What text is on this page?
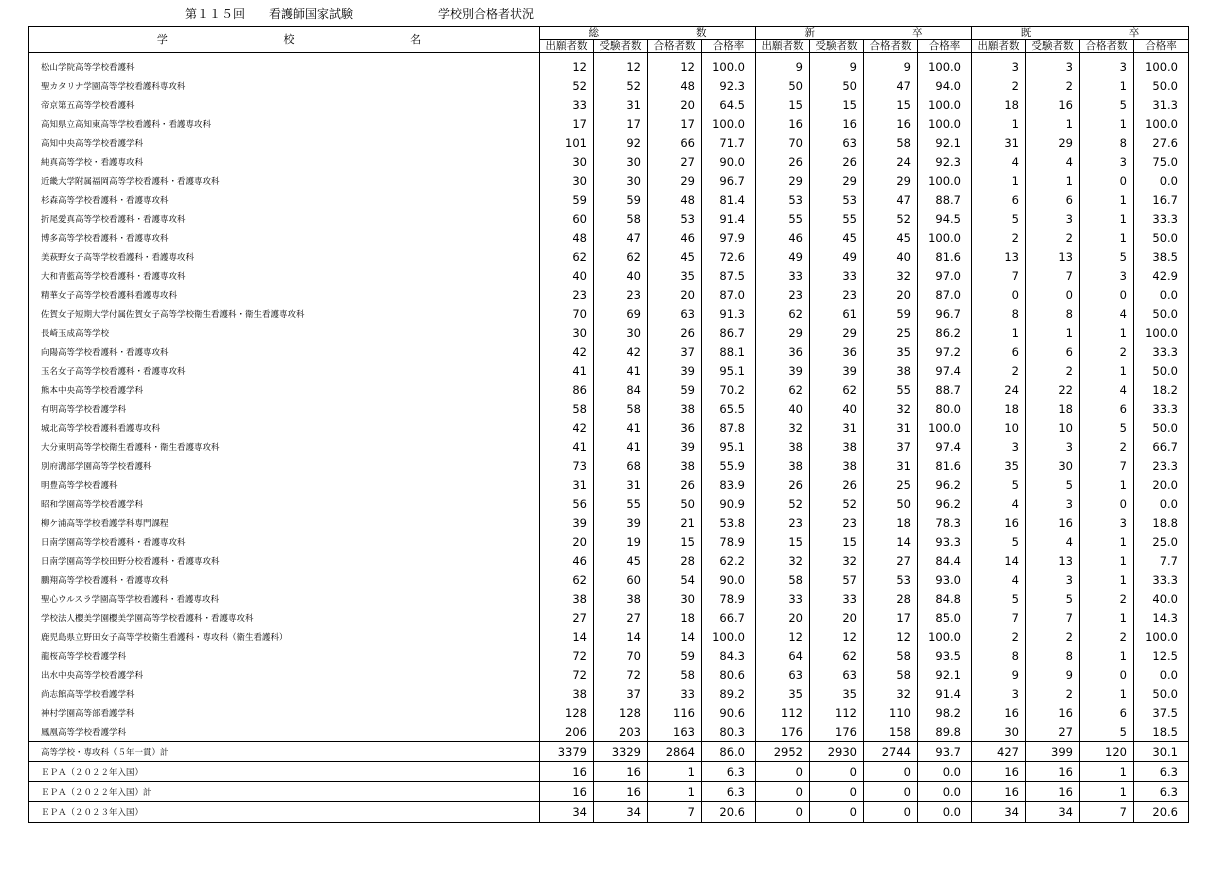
第１１５回　　看護師国家試験	学校別合格者状況
学 校 名	総 数				新 卒				既 卒			

	出願者数	受験者数	合格者数	合格率	出願者数	受験者数	合格者数	合格率	出願者数	受験者数	合格者数	合格率
松山学院高等学校看護科	12	12	12	100.0	9	9	9	100.0	3	3	3	100.0
聖カタリナ学園高等学校看護科専攻科	52	52	48	92.3	50	50	47	94.0	2	2	1	50.0
帝京第五高等学校看護科	33	31	20	64.5	15	15	15	100.0	18	16	5	31.3
高知県立高知東高等学校看護科・看護専攻科	17	17	17	100.0	16	16	16	100.0	1	1	1	100.0
高知中央高等学校看護学科	101	92	66	71.7	70	63	58	92.1	31	29	8	27.6
純真高等学校・看護専攻科	30	30	27	90.0	26	26	24	92.3	4	4	3	75.0
近畿大学附属福岡高等学校看護科・看護専攻科	30	30	29	96.7	29	29	29	100.0	1	1	0	0.0
杉森高等学校看護科・看護専攻科	59	59	48	81.4	53	53	47	88.7	6	6	1	16.7
折尾愛真高等学校看護科・看護専攻科	60	58	53	91.4	55	55	52	94.5	5	3	1	33.3
博多高等学校看護科・看護専攻科	48	47	46	97.9	46	45	45	100.0	2	2	1	50.0
美萩野女子高等学校看護科・看護専攻科	62	62	45	72.6	49	49	40	81.6	13	13	5	38.5
大和青藍高等学校看護科・看護専攻科	40	40	35	87.5	33	33	32	97.0	7	7	3	42.9
精華女子高等学校看護科看護専攻科	23	23	20	87.0	23	23	20	87.0	0	0	0	0.0
佐賀女子短期大学付属佐賀女子高等学校衛生看護科・衛生看護専攻科	70	69	63	91.3	62	61	59	96.7	8	8	4	50.0
長崎玉成高等学校	30	30	26	86.7	29	29	25	86.2	1	1	1	100.0
向陽高等学校看護科・看護専攻科	42	42	37	88.1	36	36	35	97.2	6	6	2	33.3
玉名女子高等学校看護科・看護専攻科	41	41	39	95.1	39	39	38	97.4	2	2	1	50.0
熊本中央高等学校看護学科	86	84	59	70.2	62	62	55	88.7	24	22	4	18.2
有明高等学校看護学科	58	58	38	65.5	40	40	32	80.0	18	18	6	33.3
城北高等学校看護科看護専攻科	42	41	36	87.8	32	31	31	100.0	10	10	5	50.0
大分東明高等学校衛生看護科・衛生看護専攻科	41	41	39	95.1	38	38	37	97.4	3	3	2	66.7
別府溝部学園高等学校看護科	73	68	38	55.9	38	38	31	81.6	35	30	7	23.3
明豊高等学校看護科	31	31	26	83.9	26	26	25	96.2	5	5	1	20.0
昭和学園高等学校看護学科	56	55	50	90.9	52	52	50	96.2	4	3	0	0.0
柳ケ浦高等学校看護学科専門課程	39	39	21	53.8	23	23	18	78.3	16	16	3	18.8
日南学園高等学校看護科・看護専攻科	20	19	15	78.9	15	15	14	93.3	5	4	1	25.0
日南学園高等学校田野分校看護科・看護専攻科	46	45	28	62.2	32	32	27	84.4	14	13	1	7.7
鵬翔高等学校看護科・看護専攻科	62	60	54	90.0	58	57	53	93.0	4	3	1	33.3
聖心ウルスラ学園高等学校看護科・看護専攻科	38	38	30	78.9	33	33	28	84.8	5	5	2	40.0
学校法人櫻美学園櫻美学園高等学校看護科・看護専攻科	27	27	18	66.7	20	20	17	85.0	7	7	1	14.3
鹿児島県立野田女子高等学校衛生看護科・専攻科（衛生看護科）	14	14	14	100.0	12	12	12	100.0	2	2	2	100.0
龍桜高等学校看護学科	72	70	59	84.3	64	62	58	93.5	8	8	1	12.5
出水中央高等学校看護学科	72	72	58	80.6	63	63	58	92.1	9	9	0	0.0
尚志館高等学校看護学科	38	37	33	89.2	35	35	32	91.4	3	2	1	50.0
神村学園高等部看護学科	128	128	116	90.6	112	112	110	98.2	16	16	6	37.5
鳳凰高等学校看護学科	206	203	163	80.3	176	176	158	89.8	30	27	5	18.5
高等学校・専攻科（５年一貫）計	3379	3329	2864	86.0	2952	2930	2744	93.7	427	399	120	30.1
ＥＰＡ（２０２２年入国）	16	16	1	6.3	0	0	0	0.0	16	16	1	6.3
ＥＰＡ（２０２２年入国）計	16	16	1	6.3	0	0	0	0.0	16	16	1	6.3
ＥＰＡ（２０２３年入国）	34	34	7	20.6	0	0	0	0.0	34	34	7	20.6
